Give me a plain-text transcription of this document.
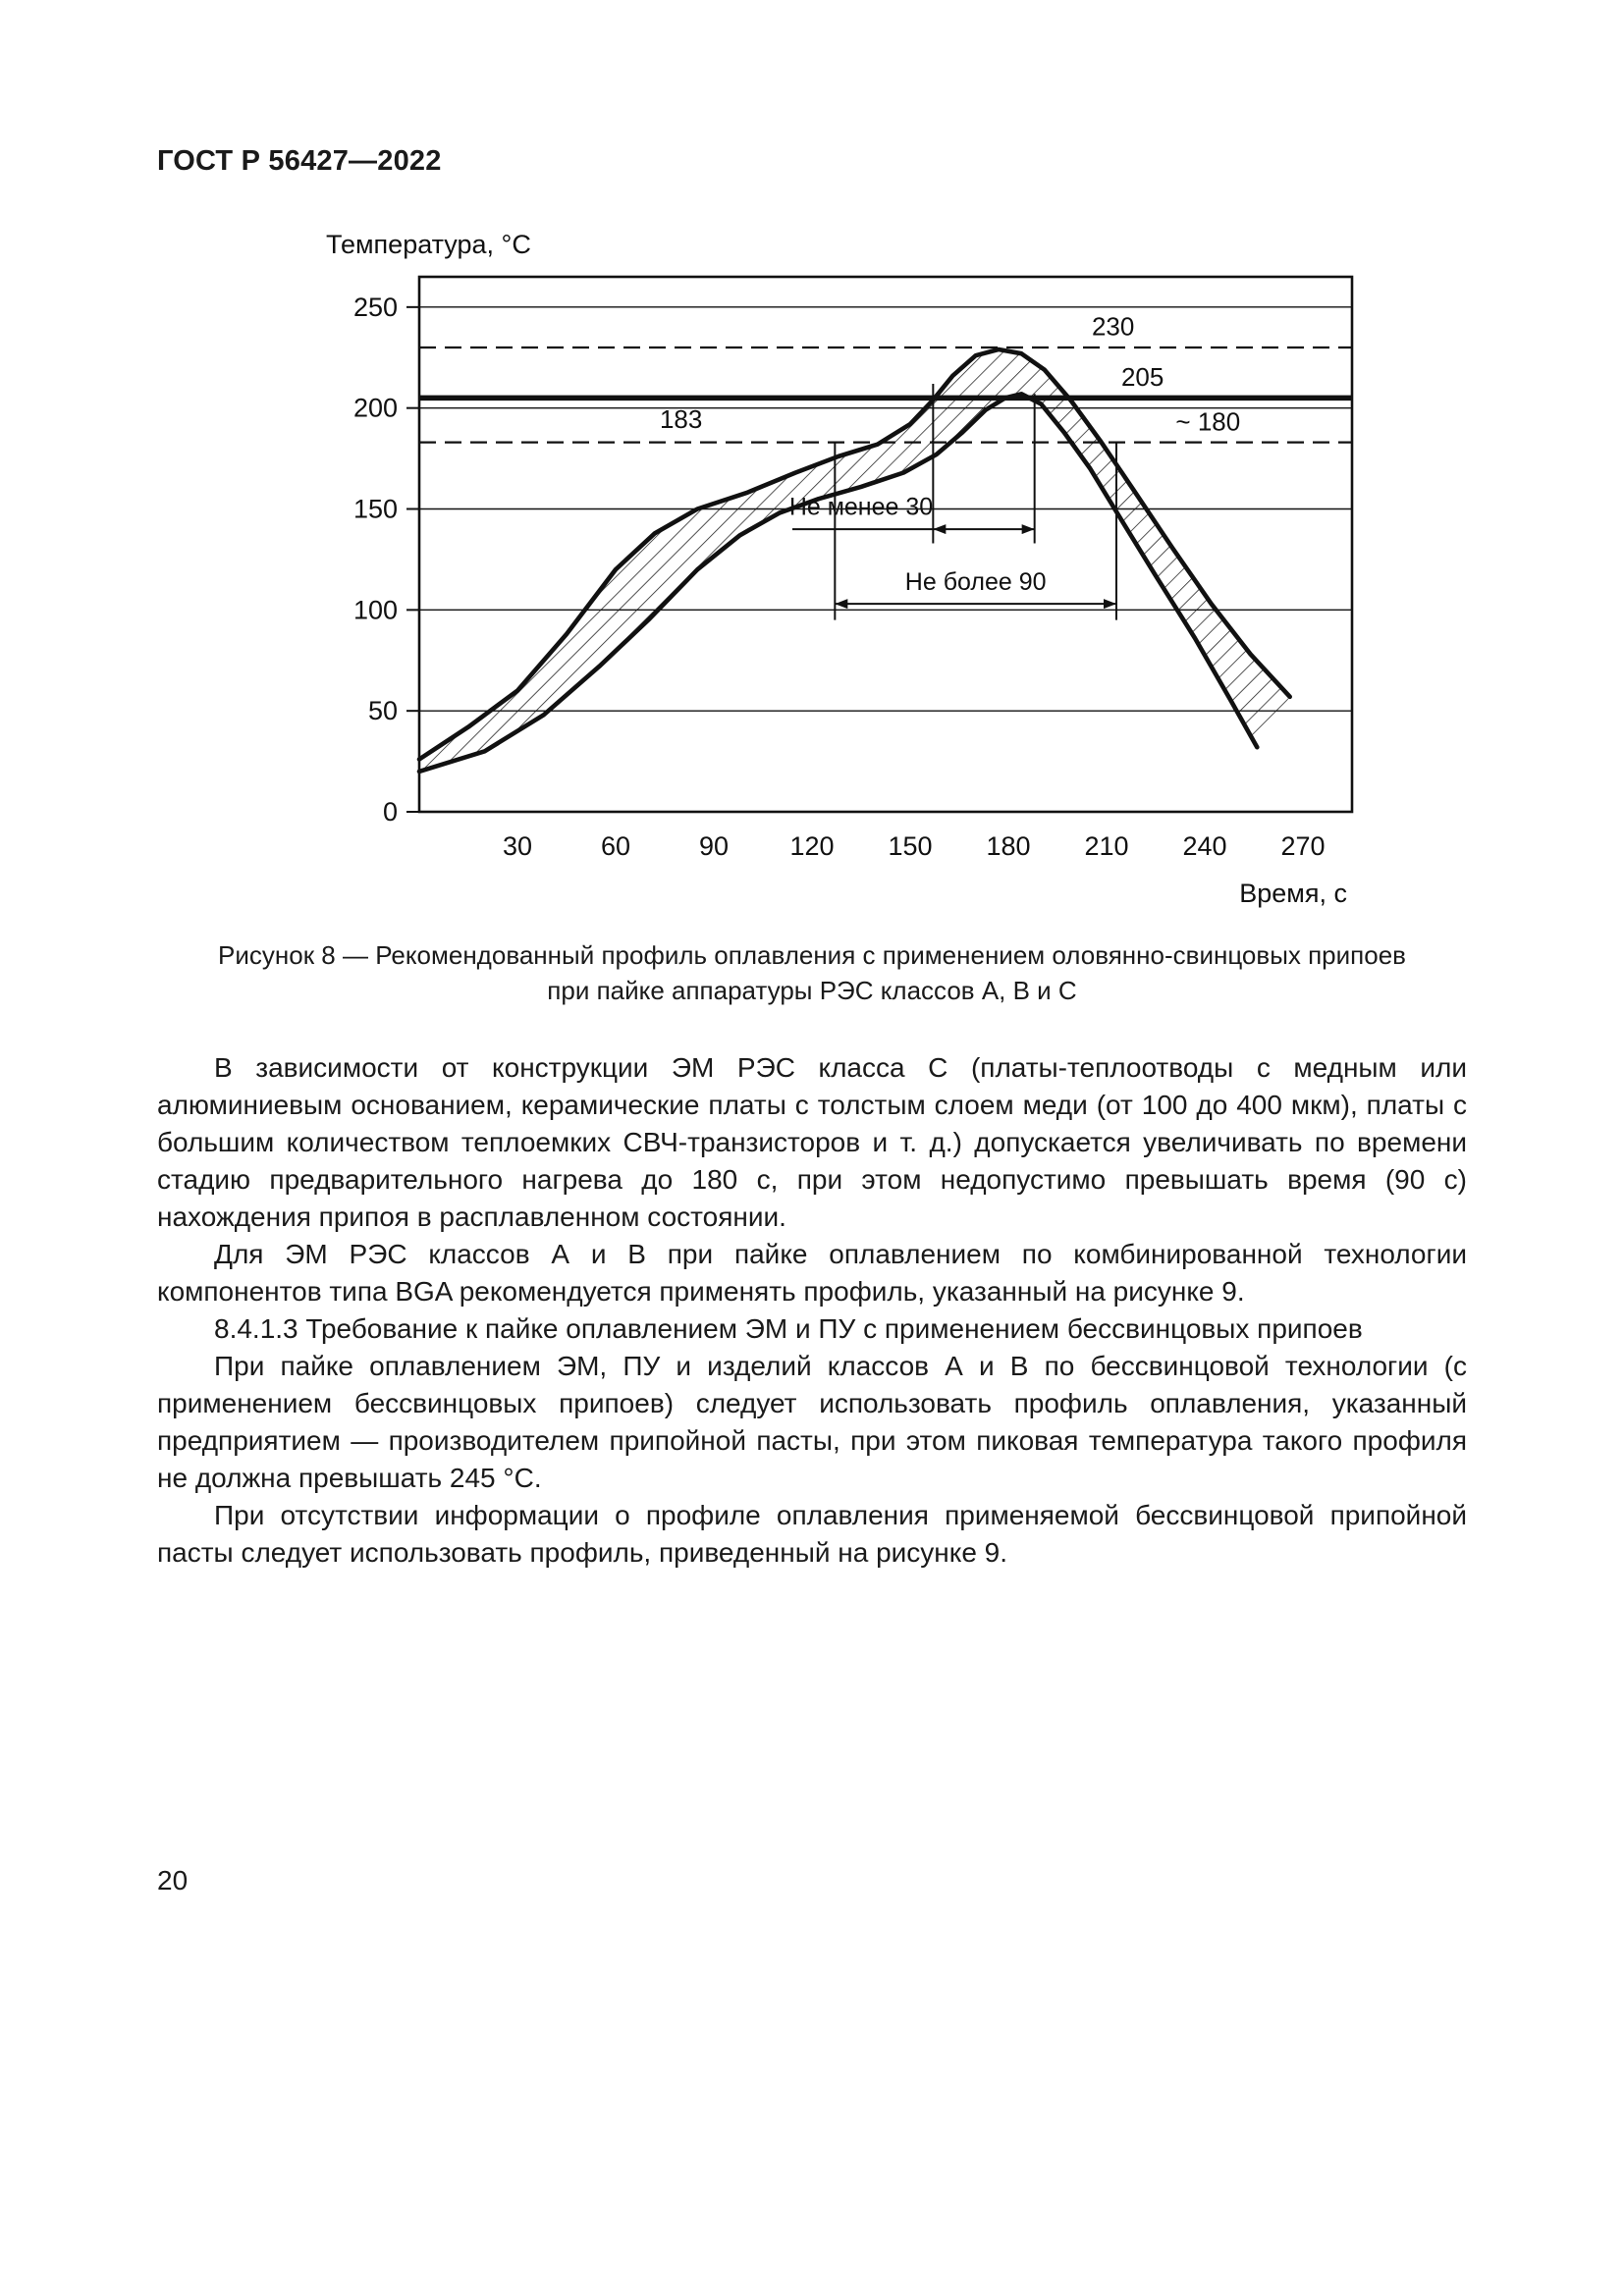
ГОСТ Р 56427—2022
Не менее 30
Не более 90
230
205
183	~ 180
0
50
100
150
200
250
30	60	90 120 150 180 210 240 270
Температура, °С
Время, с
Рисунок 8 — Рекомендованный профиль оплавления с применением оловянно-свинцовых припоев
при пайке аппаратуры РЭС классов А, В и С

В зависимости от конструкции ЭМ РЭС класса С (платы-теплоотводы с медным или алюминиевым основанием, керамические платы с толстым слоем меди (от 100 до 400 мкм), платы с большим количеством теплоемких СВЧ-транзисторов и т. д.) допускается увеличивать по времени стадию предварительного нагрева до 180 с, при этом недопустимо превышать время (90 с) нахождения припоя в расплавленном состоянии.

Для ЭМ РЭС классов А и В при пайке оплавлением по комбинированной технологии компонентов типа BGA рекомендуется применять профиль, указанный на рисунке 9.

8.4.1.3 Требование к пайке оплавлением ЭМ и ПУ с применением бессвинцовых припоев

При пайке оплавлением ЭМ, ПУ и изделий классов А и В по бессвинцовой технологии (с применением бессвинцовых припоев) следует использовать профиль оплавления, указанный предприятием — производителем припойной пасты, при этом пиковая температура такого профиля не должна превышать 245 °С.

При отсутствии информации о профиле оплавления применяемой бессвинцовой припойной пасты следует использовать профиль, приведенный на рисунке 9.

20
